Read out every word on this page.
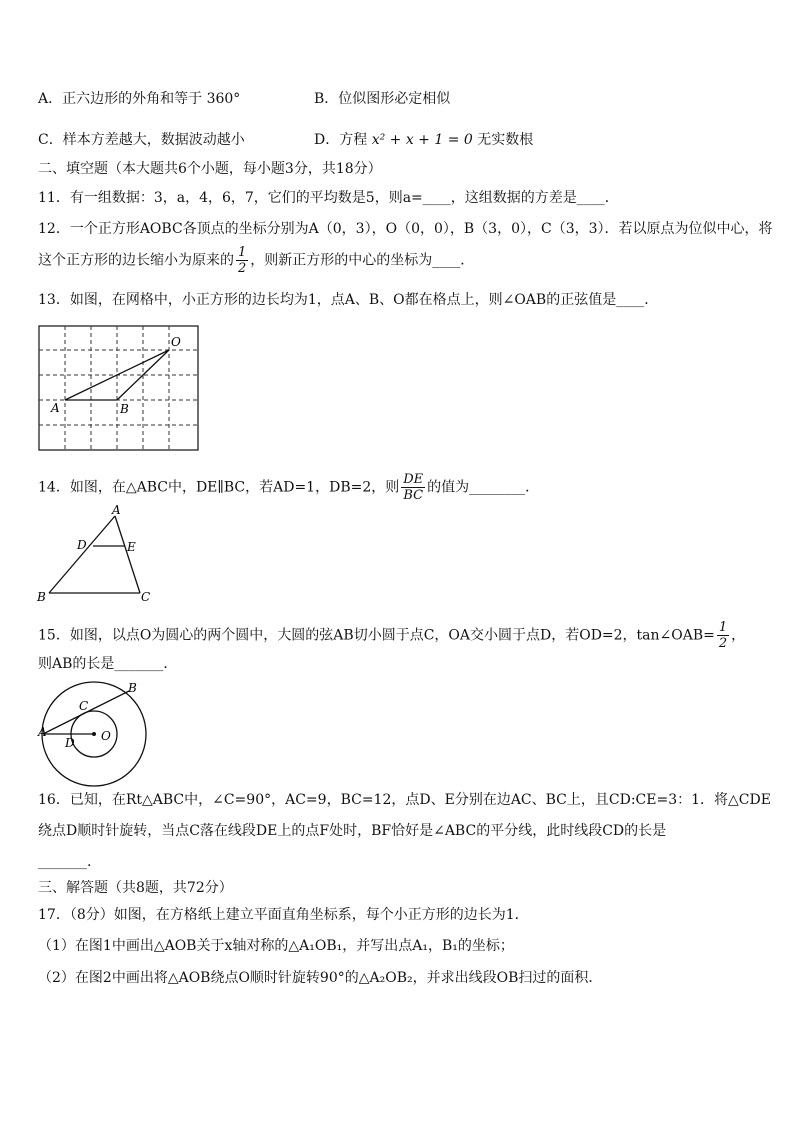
A．正六边形的外角和等于 360°	B．位似图形必定相似
C．样本方差越大，数据波动越小	D．方程 x² + x + 1 = 0 无实数根
二、填空题（本大题共6个小题，每小题3分，共18分）
11．有一组数据：3，a，4，6，7，它们的平均数是5，则a=____，这组数据的方差是____．
12．一个正方形AOBC各顶点的坐标分别为A（0，3），O（0，0），B（3，0），C（3，3）．若以原点为位似中心，将
这个正方形的边长缩小为原来的 $\frac{1}{2}$ ，则新正方形的中心的坐标为____．
13．如图，在网格中，小正方形的边长均为1，点A、B、O都在格点上，则∠OAB的正弦值是____．
A	B
O
14．如图，在△ABC中，DE∥BC，若AD=1，DB=2，则 $\frac{DE}{BC}$ 的值为________．
A
D	E
B	C
15．如图，以点O为圆心的两个圆中，大圆的弦AB切小圆于点C，OA交小圆于点D，若OD=2，tan∠OAB= $\frac{1}{2}$ ，
则AB的长是_______．
B
C
A
D O
16．已知，在Rt△ABC中，∠C=90°，AC=9，BC=12，点D、E分别在边AC、BC上，且CD:CE=3：1．将△CDE
绕点D顺时针旋转，当点C落在线段DE上的点F处时，BF恰好是∠ABC的平分线，此时线段CD的长是
_______.
三、解答题（共8题，共72分）
17．（8分）如图，在方格纸上建立平面直角坐标系，每个小正方形的边长为1．
（1）在图1中画出△AOB关于x轴对称的△A₁OB₁，并写出点A₁，B₁的坐标；
（2）在图2中画出将△AOB绕点O顺时针旋转90°的△A₂OB₂，并求出线段OB扫过的面积．
